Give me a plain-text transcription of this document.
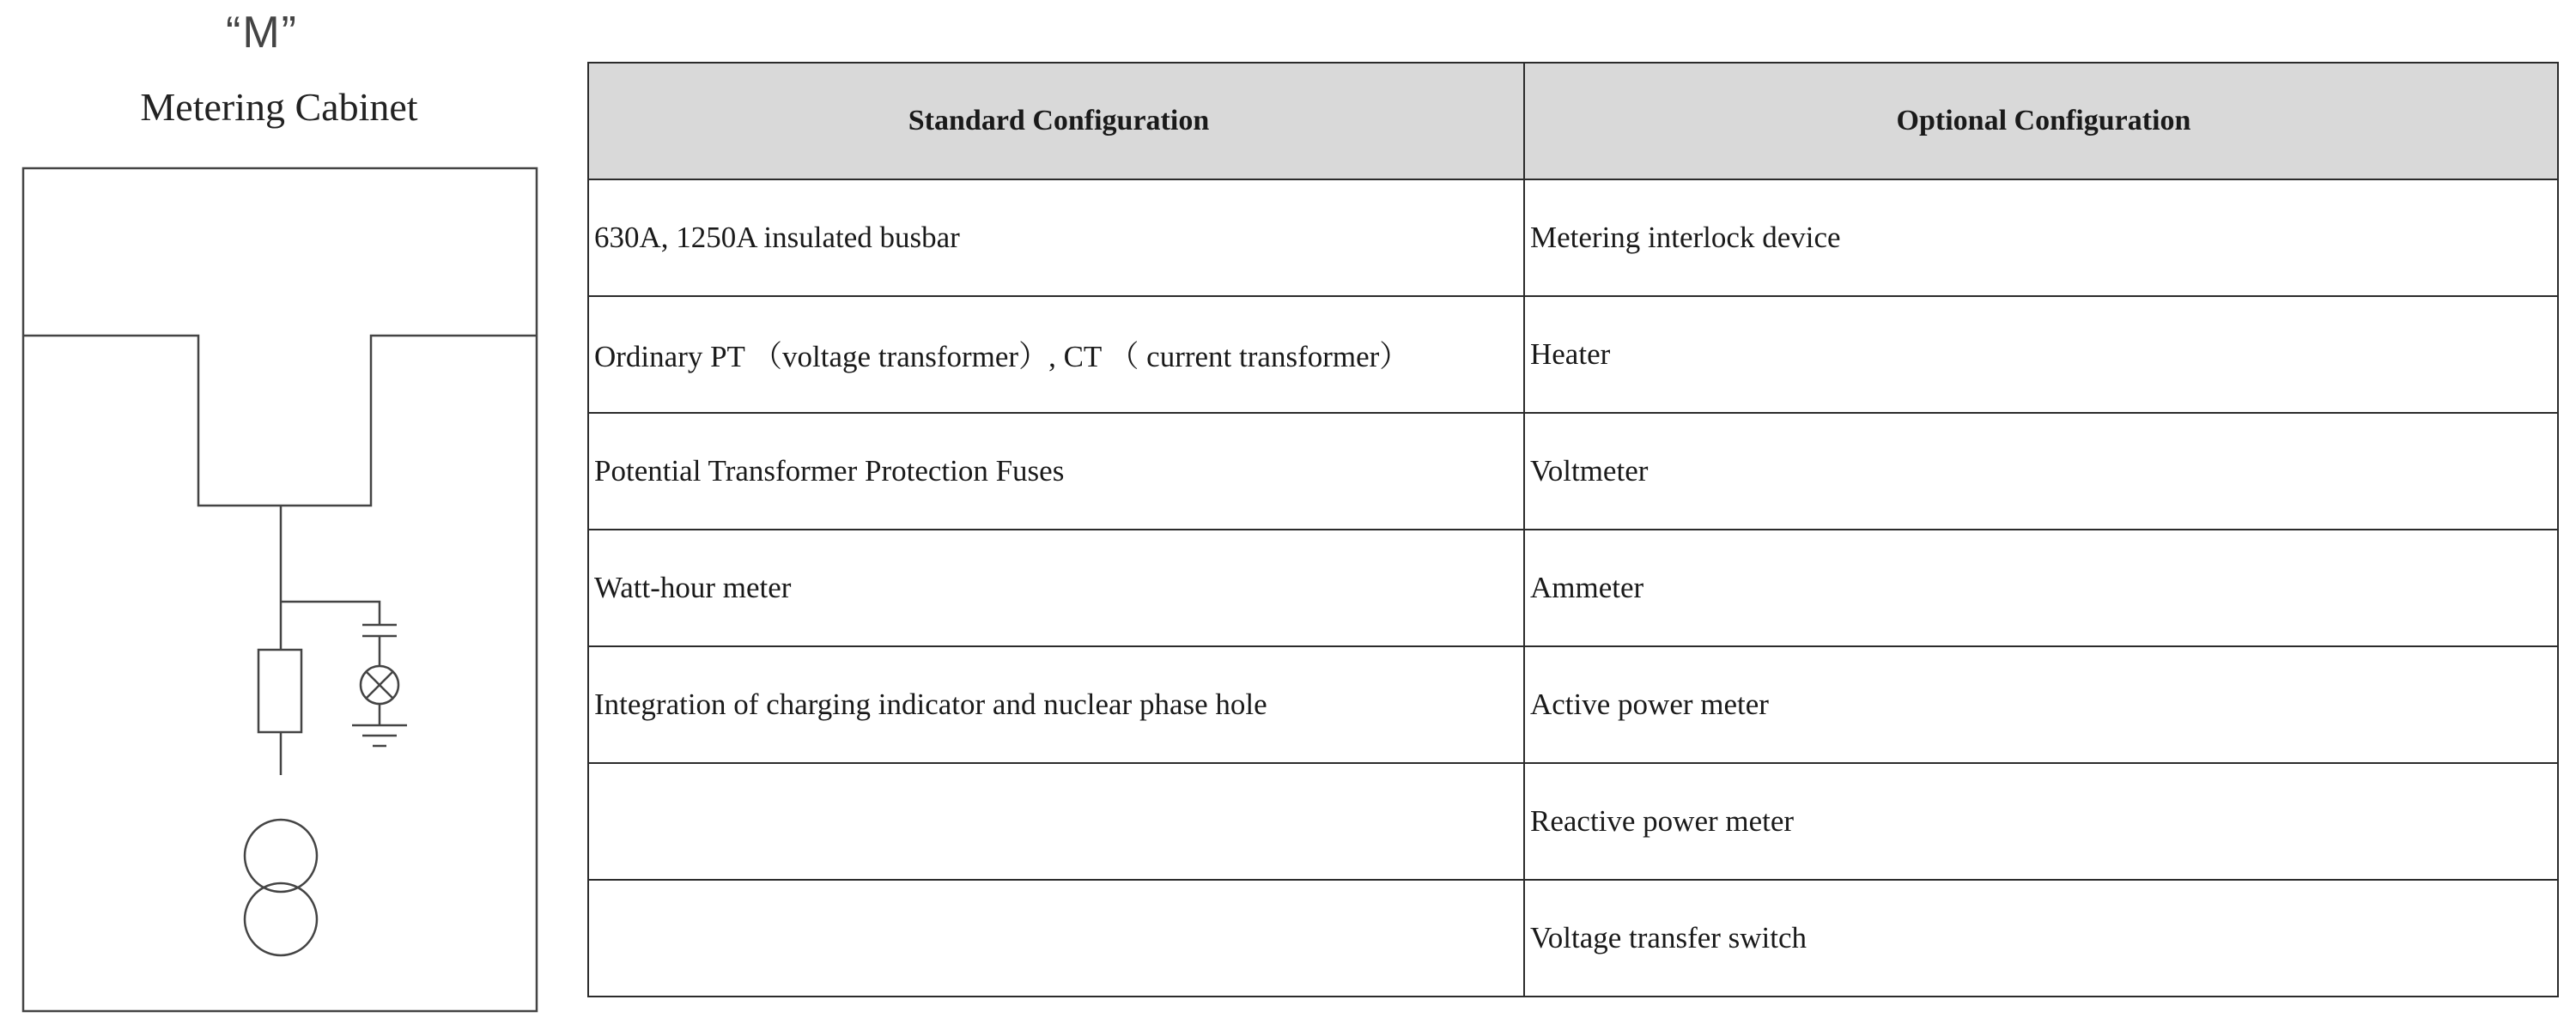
“M”
Metering Cabinet	Standard Configuration	Optional Configuration
630A, 1250A insulated busbar	Metering interlock device
Ordinary PT （voltage transformer）, CT （ current transformer）	Heater
Potential Transformer Protection Fuses	Voltmeter
Watt-hour meter	Ammeter
Integration of charging indicator and nuclear phase hole	Active power meter
	Reactive power meter
	Voltage transfer switch
